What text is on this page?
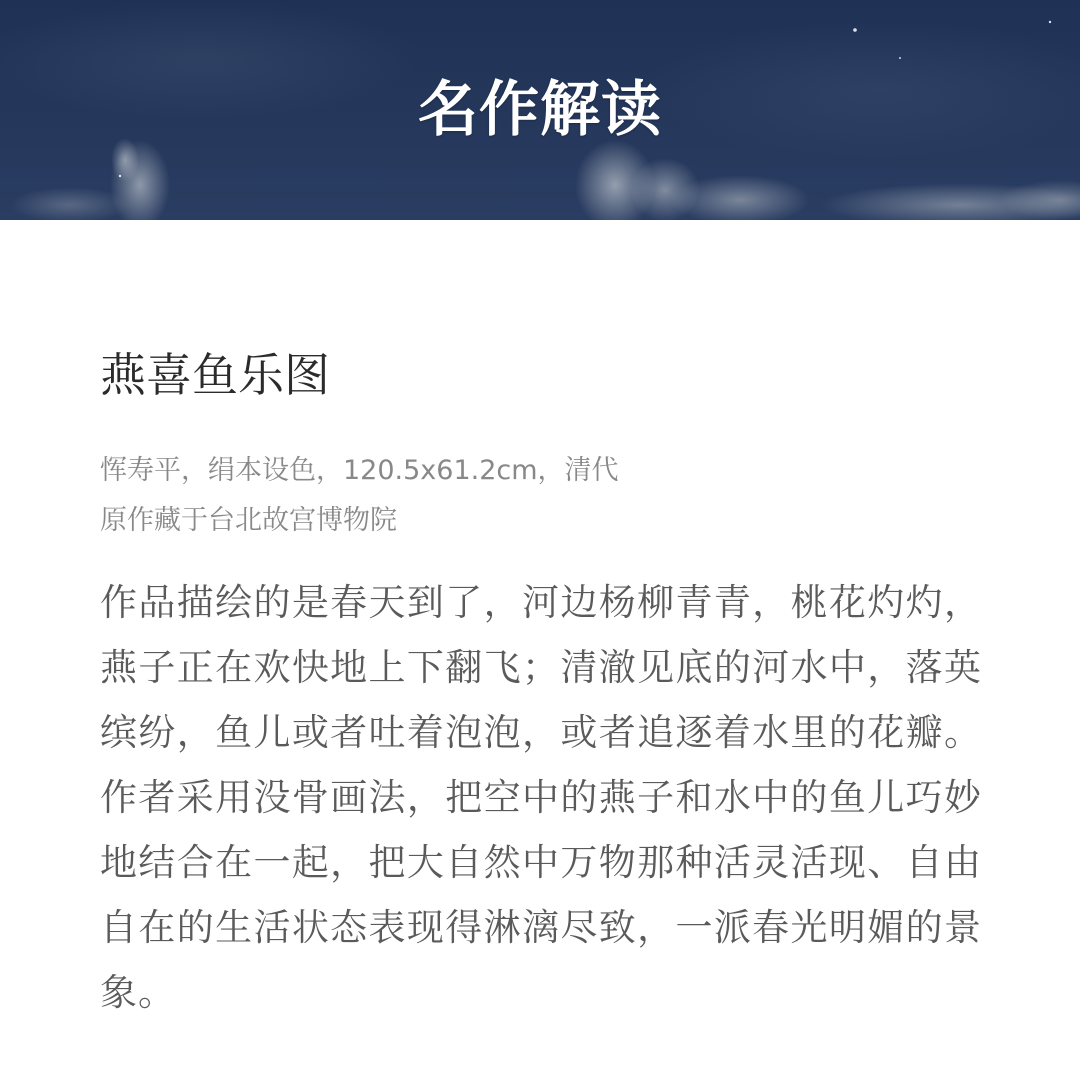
名作解读
燕喜鱼乐图
恽寿平，绢本设色，120.5x61.2cm，清代
原作藏于台北故宫博物院
作品描绘的是春天到了，河边杨柳青青，桃花灼灼，燕子正在欢快地上下翻飞；清澈见底的河水中，落英缤纷，鱼儿或者吐着泡泡，或者追逐着水里的花瓣。作者采用没骨画法，把空中的燕子和水中的鱼儿巧妙地结合在一起，把大自然中万物那种活灵活现、自由自在的生活状态表现得淋漓尽致，一派春光明媚的景象。
